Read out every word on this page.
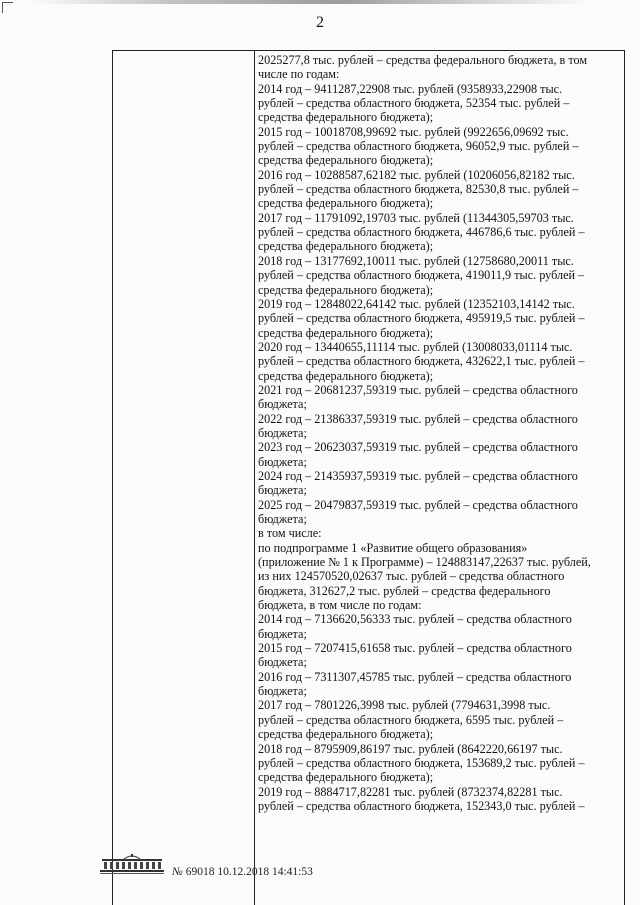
2
2025277,8 тыс. рублей – средства федерального бюджета, в том
числе по годам:
2014 год – 9411287,22908 тыс. рублей (9358933,22908 тыс.
рублей – средства областного бюджета, 52354 тыс. рублей –
средства федерального бюджета);
2015 год – 10018708,99692 тыс. рублей (9922656,09692 тыс.
рублей – средства областного бюджета, 96052,9 тыс. рублей –
средства федерального бюджета);
2016 год – 10288587,62182 тыс. рублей (10206056,82182 тыс.
рублей – средства областного бюджета, 82530,8 тыс. рублей –
средства федерального бюджета);
2017 год – 11791092,19703 тыс. рублей (11344305,59703 тыс.
рублей – средства областного бюджета, 446786,6 тыс. рублей –
средства федерального бюджета);
2018 год – 13177692,10011 тыс. рублей (12758680,20011 тыс.
рублей – средства областного бюджета, 419011,9 тыс. рублей –
средства федерального бюджета);
2019 год – 12848022,64142 тыс. рублей (12352103,14142 тыс.
рублей – средства областного бюджета, 495919,5 тыс. рублей –
средства федерального бюджета);
2020 год – 13440655,11114 тыс. рублей (13008033,01114 тыс.
рублей – средства областного бюджета, 432622,1 тыс. рублей –
средства федерального бюджета);
2021 год – 20681237,59319 тыс. рублей – средства областного
бюджета;
2022 год – 21386337,59319 тыс. рублей – средства областного
бюджета;
2023 год – 20623037,59319 тыс. рублей – средства областного
бюджета;
2024 год – 21435937,59319 тыс. рублей – средства областного
бюджета;
2025 год – 20479837,59319 тыс. рублей – средства областного
бюджета;
в том числе:
по подпрограмме 1 «Развитие общего образования»
(приложение № 1 к Программе) – 124883147,22637 тыс. рублей,
из них 124570520,02637 тыс. рублей – средства областного
бюджета, 312627,2 тыс. рублей – средства федерального
бюджета, в том числе по годам:
2014 год – 7136620,56333 тыс. рублей – средства областного
бюджета;
2015 год – 7207415,61658 тыс. рублей – средства областного
бюджета;
2016 год – 7311307,45785 тыс. рублей – средства областного
бюджета;
2017 год – 7801226,3998 тыс. рублей (7794631,3998 тыс.
рублей – средства областного бюджета, 6595 тыс. рублей –
средства федерального бюджета);
2018 год – 8795909,86197 тыс. рублей (8642220,66197 тыс.
рублей – средства областного бюджета, 153689,2 тыс. рублей –
средства федерального бюджета);
2019 год – 8884717,82281 тыс. рублей (8732374,82281 тыс.
рублей – средства областного бюджета, 152343,0 тыс. рублей –
№ 69018 10.12.2018 14:41:53
